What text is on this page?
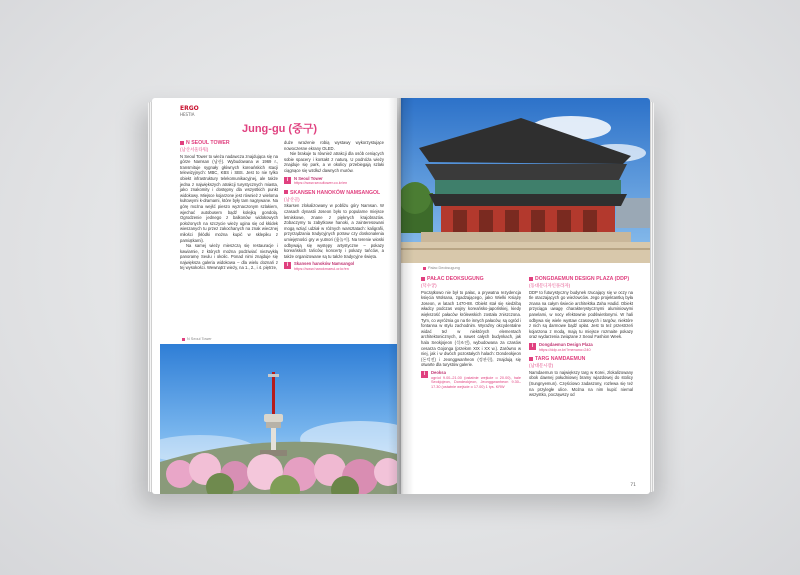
ERGO
HESTIA
Jung-gu (중구)
N SEOUL TOWER
(남산서울타워)
N Seoul Tower to wieża nadawcza znajdująca się na górze Namsan (남산). Wybudowana w 1969 r., transmituje sygnały głównych koreańskich stacji telewizyjnych: MBC, KBS i SBS. Jest to nie tylko obiekt infrastruktury telekomunikacyjnej, ale także jedna z największych atrakcji turystycznych miasta, jako znakomity i dostępny dla wszystkich punkt widokowy. Miejsce kojarzone jest również z wieloma kultowymi k-dramami, które były tam nagrywane. Na górę można wejść pieszo wyznaczonym szlakiem, wjechać autobusem bądź kolejką gondolą. Ogrodzenie jednego z balkonów widokowych położonych na szczycie wieży ugina się od kłódek wieszanych tu przez zakochanych na znak wiecznej miłości (kłódki można kupić w sklepiku z pamiątkami).
Na samej wieży mieszczą się restauracje i kawiarnie, z których można podziwiać niezwykłą panoramę Seulu i okolic. Ponad nimi znajduje się największa galeria widokowa – dla wielu doznań z tej wysokości. Wewnątrz wieży, na 1., 2., i 4. piętrze,
duże wrażenie robią wystawy wykorzystujące nowoczesne ekrany OLED.
Nie brakuje tu również atrakcji dla osób ceniących sobie spacery i kontakt z naturą. U podnóża wieży znajduje się park, a w okolicy przebiegają szlaki ciągnące się wzdłuż dawnych murów.
i	N Seoul Tower
https://www.seoultower.co.kr/en
SKANSEN HANOKÓW NAMSANGOL
(남산골)
Skarsen zlokalizowany w pobliżu góry Namsan. W czasach dynastii Joseon było to popularne miejsce letniskowe, znane z pięknych krajobrazów. Zobaczymy tu zabytkowe hanoki, a zainteresowani mogą wziąć udział w różnych warsztatach: kaligrafii, przyrządzania tradycyjnych potraw czy doskonalenia umiejętności gry w yutnori (윷놀이). Na terenie wioski odbywają się występy artystyczne – pokazy koreańskich tańców, koncerty i pokazy tańców, a także organizowane są tu także tradycyjne święta.
i	Skansen hanoków Namsangol
https://www.hanokmaeul.or.kr/en
N Seoul Tower
Pałac Deoksugung
PAŁAC DEOKSUGUNG
(덕수궁)
Początkowo nie był to pałac, a prywatna rezydencja księcia Wolsana, zgadzającego, jako Wielki Książę Joseon, w latach 1470-88. Obiekt stał się siedzibą władcy podczas wojny koreańsko-japońskiej, kiedy większość pałaców królewskich została zniszczona. Tym, co wyróżnia go na tle innych pałaców, są ogród i fontanna w stylu zachodnim. Wyraźny okcydentalne widać też w niektórych elementach architektonicznych, a nawet całych budynkach, jak hala Seokjojeon (석조전), wybudowana za czasów cesarza Gojonga (przełom XIX i XX w.). Zarówno w niej, jak i w dwóch pozostałych halach: Dondeokjeon (돈덕전) i Jeonggwanheon (정관헌), znajdują się otwarte dla turystów galerie.
i	Deoksa
ogród 9.00–21.00 (ostatnie wejście o 20.00), hale Seokjojeon, Dondeokjeon, Jeonggwanheon 9.30–17.30 (ostatnie wejście o 17.00) 1 tys. KRW
DONGDAEMUN DESIGN PLAZA (DDP)
(동대문디자인플라자)
DDP to futurystyczny budynek rzucający się w oczy na tle otaczających go wieżowców. Jego projektantką była znana na całym świecie architektka Zaha Hadid. Obiekt przyciąga uwagę charakterystycznymi aluminiowymi panelami, w nocy efektownie podświetlonymi. W hali odbywa się wiele wystaw czasowych i targów, niektóre z nich są darmowe bądź opłat. Jest to też przestrzeń kojarzona z modą, mają tu miejsce rozmaite pokazy oraz wydarzenia związane z Seoul Fashion Week.
i	Dongdaemun Design Plaza
https://ddp.or.kr/?menuno=240
TARG NAMDAEMUN
(남대문시장)
Namdaemun to największy targ w Korei, zlokalizowany obok dawnej południowej bramy wjazdowej do stolicy (Sungnyemun). Częściowo zadaszony, rozlewa się też na przyległe ulice. Można na nim kupić niemal wszystko, począwszy od
71
